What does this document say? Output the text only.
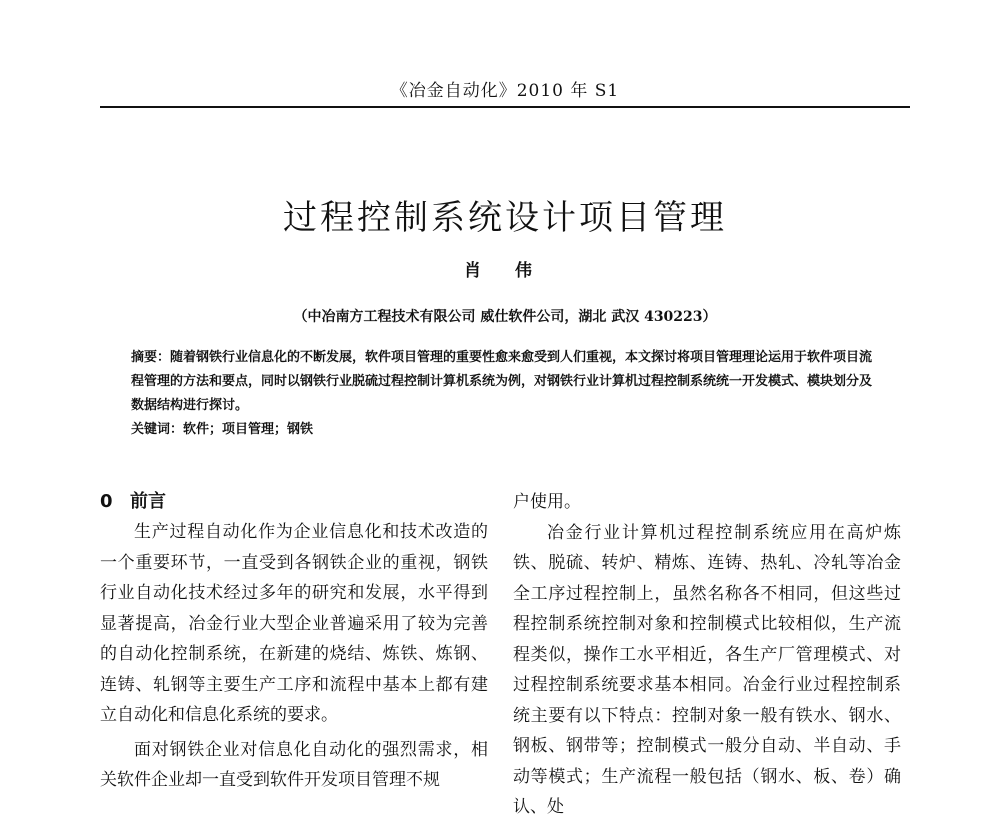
《冶金自动化》2010 年 S1
过程控制系统设计项目管理
肖 伟
（中冶南方工程技术有限公司 威仕软件公司，湖北 武汉 430223）

摘要：随着钢铁行业信息化的不断发展，软件项目管理的重要性愈来愈受到人们重视，本文探讨将项目管理理论运用于软件项目流程管理的方法和要点，同时以钢铁行业脱硫过程控制计算机系统为例，对钢铁行业计算机过程控制系统统一开发模式、模块划分及数据结构进行探讨。

关键词：软件；项目管理；钢铁

0 前言

生产过程自动化作为企业信息化和技术改造的一个重要环节，一直受到各钢铁企业的重视，钢铁行业自动化技术经过多年的研究和发展，水平得到显著提高，冶金行业大型企业普遍采用了较为完善的自动化控制系统，在新建的烧结、炼铁、炼钢、连铸、轧钢等主要生产工序和流程中基本上都有建立自动化和信息化系统的要求。

面对钢铁企业对信息化自动化的强烈需求，相关软件企业却一直受到软件开发项目管理不规

户使用。

冶金行业计算机过程控制系统应用在高炉炼铁、脱硫、转炉、精炼、连铸、热轧、冷轧等冶金全工序过程控制上，虽然名称各不相同，但这些过程控制系统控制对象和控制模式比较相似，生产流程类似，操作工水平相近，各生产厂管理模式、对过程控制系统要求基本相同。冶金行业过程控制系统主要有以下特点：控制对象一般有铁水、钢水、钢板、钢带等；控制模式一般分自动、半自动、手动等模式；生产流程一般包括（钢水、板、卷）确认、处
